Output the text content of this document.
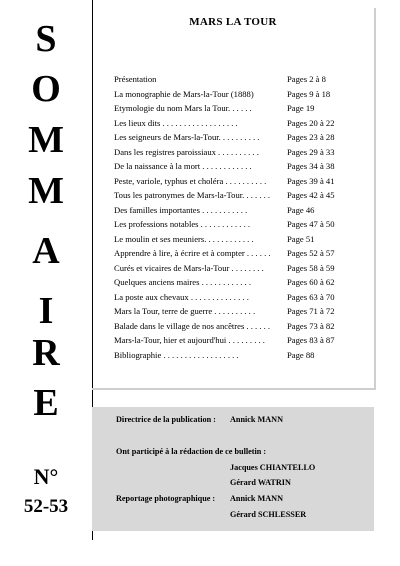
S
O
M
M
A
I
R
E
N°
52-53
MARS LA TOUR
Présentation	Pages 2 à 8
La monographie de Mars-la-Tour (1888)	Pages 9 à 18
Etymologie du nom Mars la Tour. . . . . .	Page 19
Les lieux dits . . . . . . . . . . . . . . . . . .	Pages 20 à 22
Les seigneurs de Mars-la-Tour. . . . . . . . . .	Pages 23 à 28
Dans les registres paroissiaux . . . . . . . . . .	Pages 29 à 33
De la naissance à la mort . . . . . . . . . . . .	Pages 34 à 38
Peste, variole, typhus et choléra . . . . . . . . . . Pages 39 à 41
Tous les patronymes de Mars-la-Tour. . . . . . . Pages 42 à 45
Des familles importantes . . . . . . . . . . .	Page 46
Les professions notables . . . . . . . . . . . .	Pages 47 à 50
Le moulin et ses meuniers. . . . . . . . . . . .	Page 51
Apprendre à lire, à écrire et à compter . . . . . . Pages 52 à 57
Curés et vicaires de Mars-la-Tour . . . . . . . .	Pages 58 à 59
Quelques anciens maires . . . . . . . . . . . .	Pages 60 à 62
La poste aux chevaux . . . . . . . . . . . . . .	Pages 63 à 70
Mars la Tour, terre de guerre . . . . . . . . . .	Pages 71 à 72
Balade dans le village de nos ancêtres . . . . . . Pages 73 à 82
Mars-la-Tour, hier et aujourd'hui . . . . . . . . .	Pages 83 à 87
Bibliographie . . . . . . . . . . . . . . . . . .	Page 88
Directrice de la publication : Annick MANN
Ont participé à la rédaction de ce bulletin :
Jacques CHIANTELLO
Gérard WATRIN
Reportage photographique : Annick MANN
Gérard SCHLESSER
